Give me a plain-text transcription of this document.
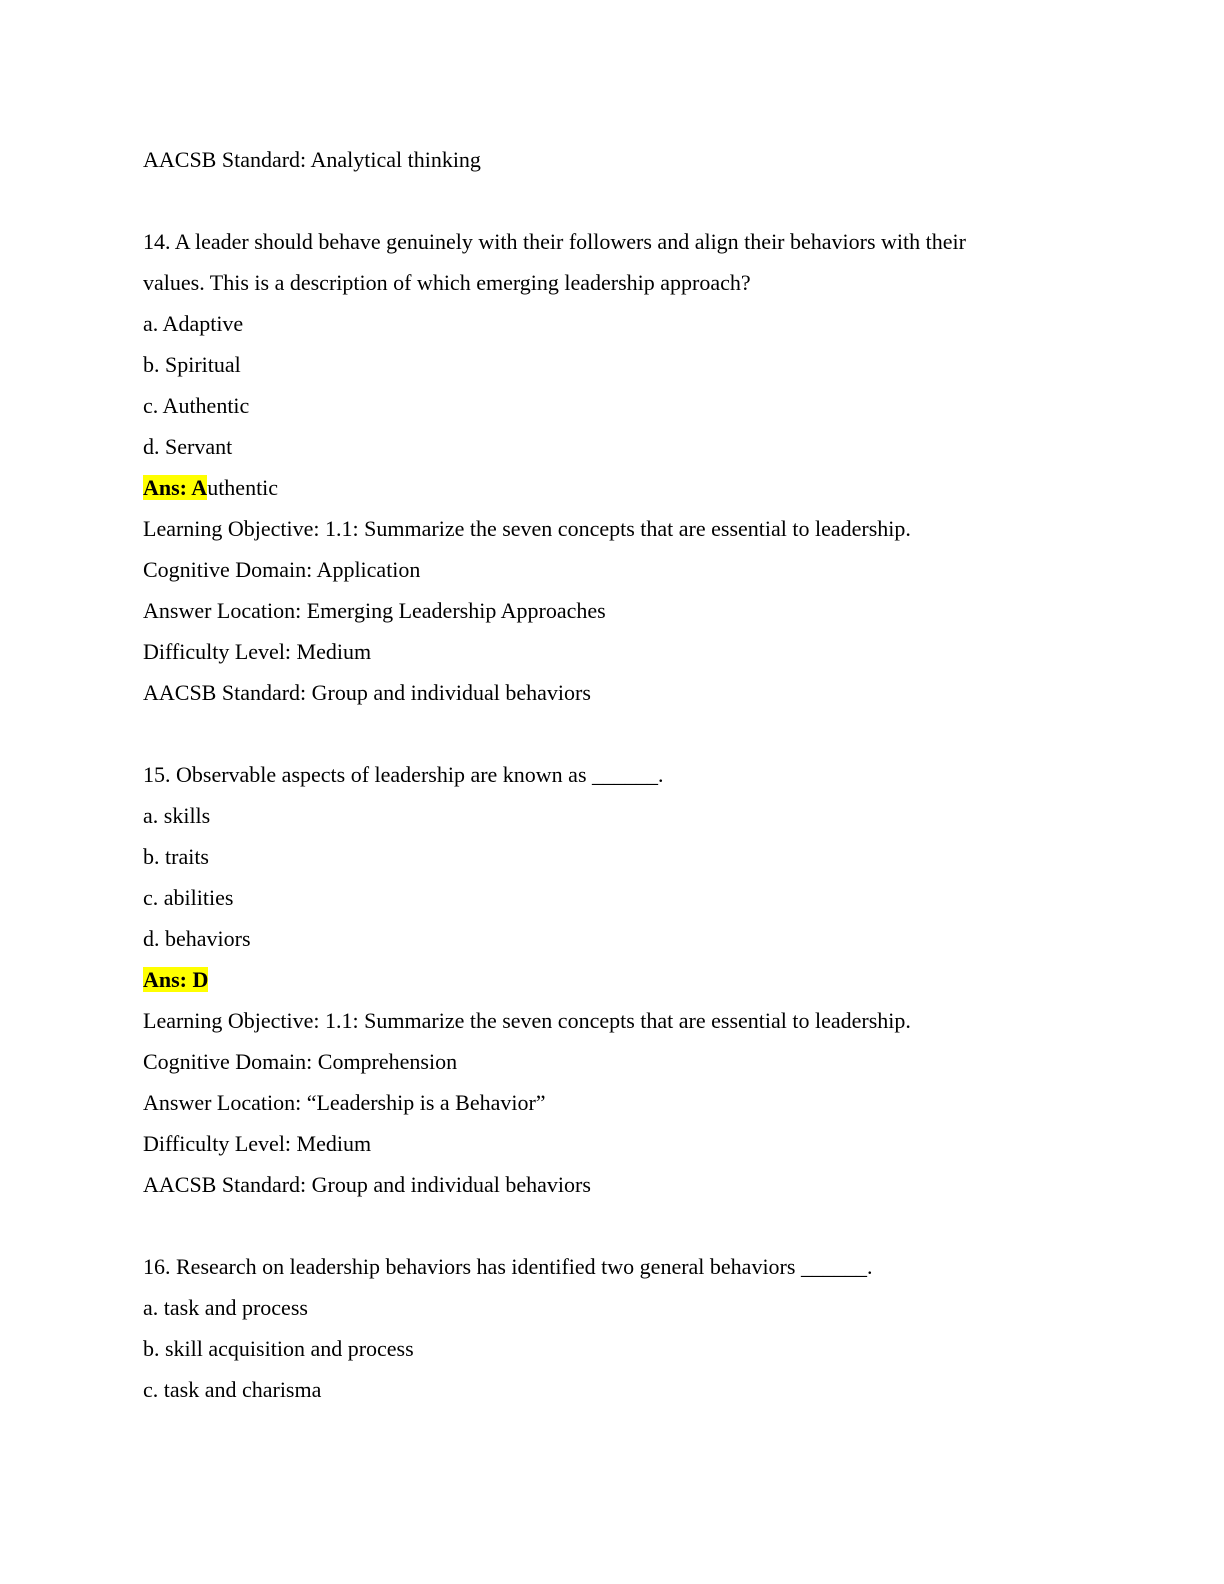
AACSB Standard: Analytical thinking
14. A leader should behave genuinely with their followers and align their behaviors with their
values. This is a description of which emerging leadership approach?
a. Adaptive
b. Spiritual
c. Authentic
d. Servant
Ans: Authentic
Learning Objective: 1.1: Summarize the seven concepts that are essential to leadership.
Cognitive Domain: Application
Answer Location: Emerging Leadership Approaches
Difficulty Level: Medium
AACSB Standard: Group and individual behaviors
15. Observable aspects of leadership are known as ______.
a. skills
b. traits
c. abilities
d. behaviors
Ans: D
Learning Objective: 1.1: Summarize the seven concepts that are essential to leadership.
Cognitive Domain: Comprehension
Answer Location: “Leadership is a Behavior”
Difficulty Level: Medium
AACSB Standard: Group and individual behaviors
16. Research on leadership behaviors has identified two general behaviors ______.
a. task and process
b. skill acquisition and process
c. task and charisma
